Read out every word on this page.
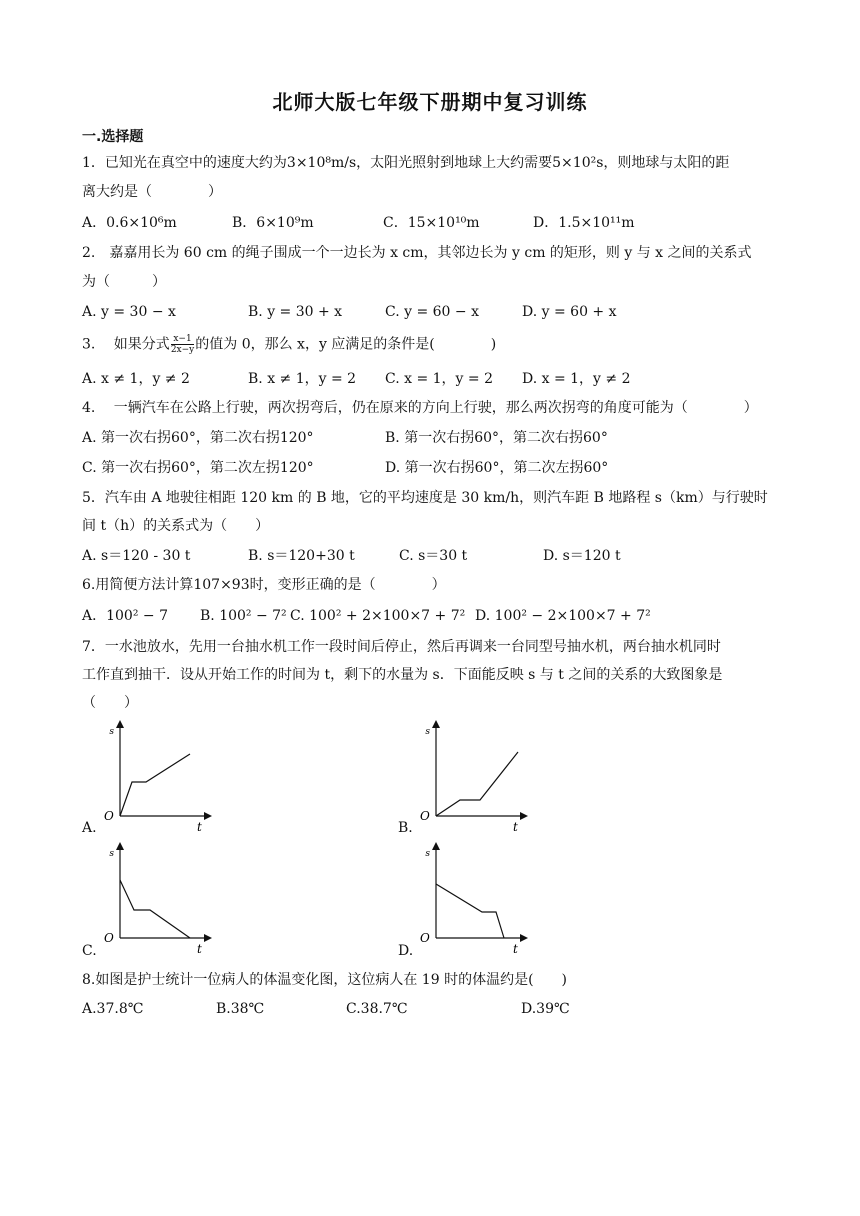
北师大版七年级下册期中复习训练
一.选择题
1．已知光在真空中的速度大约为3×10⁸m/s，太阳光照射到地球上大约需要5×10²s，则地球与太阳的距
离大约是（　　　　）
A．0.6×10⁶m	B．6×10⁹m	C．15×10¹⁰m	D．1.5×10¹¹m
2.　嘉嘉用长为 60 cm 的绳子围成一个一边长为 x cm，其邻边长为 y cm 的矩形，则 y 与 x 之间的关系式
为（　　　）
A. y = 30 − x	B. y = 30 + x	C. y = 60 − x	D. y = 60 + x
3.　 如果分式 $\frac{x-1}{2x-y}$ 的值为 0，那么 x，y 应满足的条件是(　　　　)
A. x ≠ 1，y ≠ 2	B. x ≠ 1，y = 2 C. x = 1，y = 2 D. x = 1，y ≠ 2
4.　 一辆汽车在公路上行驶，两次拐弯后，仍在原来的方向上行驶，那么两次拐弯的角度可能为（　　　　）
A. 第一次右拐60°，第二次右拐120°	B. 第一次右拐60°，第二次右拐60°
C. 第一次右拐60°，第二次左拐120°	D. 第一次右拐60°，第二次左拐60°
5．汽车由 A 地驶往相距 120 km 的 B 地，它的平均速度是 30 km/h，则汽车距 B 地路程 s（km）与行驶时
间 t（h）的关系式为（　　）
A. s＝120 - 30 t	B. s＝120+30 t	C. s＝30 t	D. s＝120 t
6.用简便方法计算107×93时，变形正确的是（　　　　）
A．100² − 7 B. 100² − 7² C. 100² + 2×100×7 + 7² D. 100² − 2×100×7 + 7²
7．一水池放水，先用一台抽水机工作一段时间后停止，然后再调来一台同型号抽水机，两台抽水机同时
工作直到抽干．设从开始工作的时间为 t，剩下的水量为 s．下面能反映 s 与 t 之间的关系的大致图象是
（　　）
A.
s
O
t	B.
s
O
t
C.
s
O
t	D.
s
O
t
8.如图是护士统计一位病人的体温变化图，这位病人在 19 时的体温约是(　　)
A.37.8℃	B.38℃	C.38.7℃	D.39℃
